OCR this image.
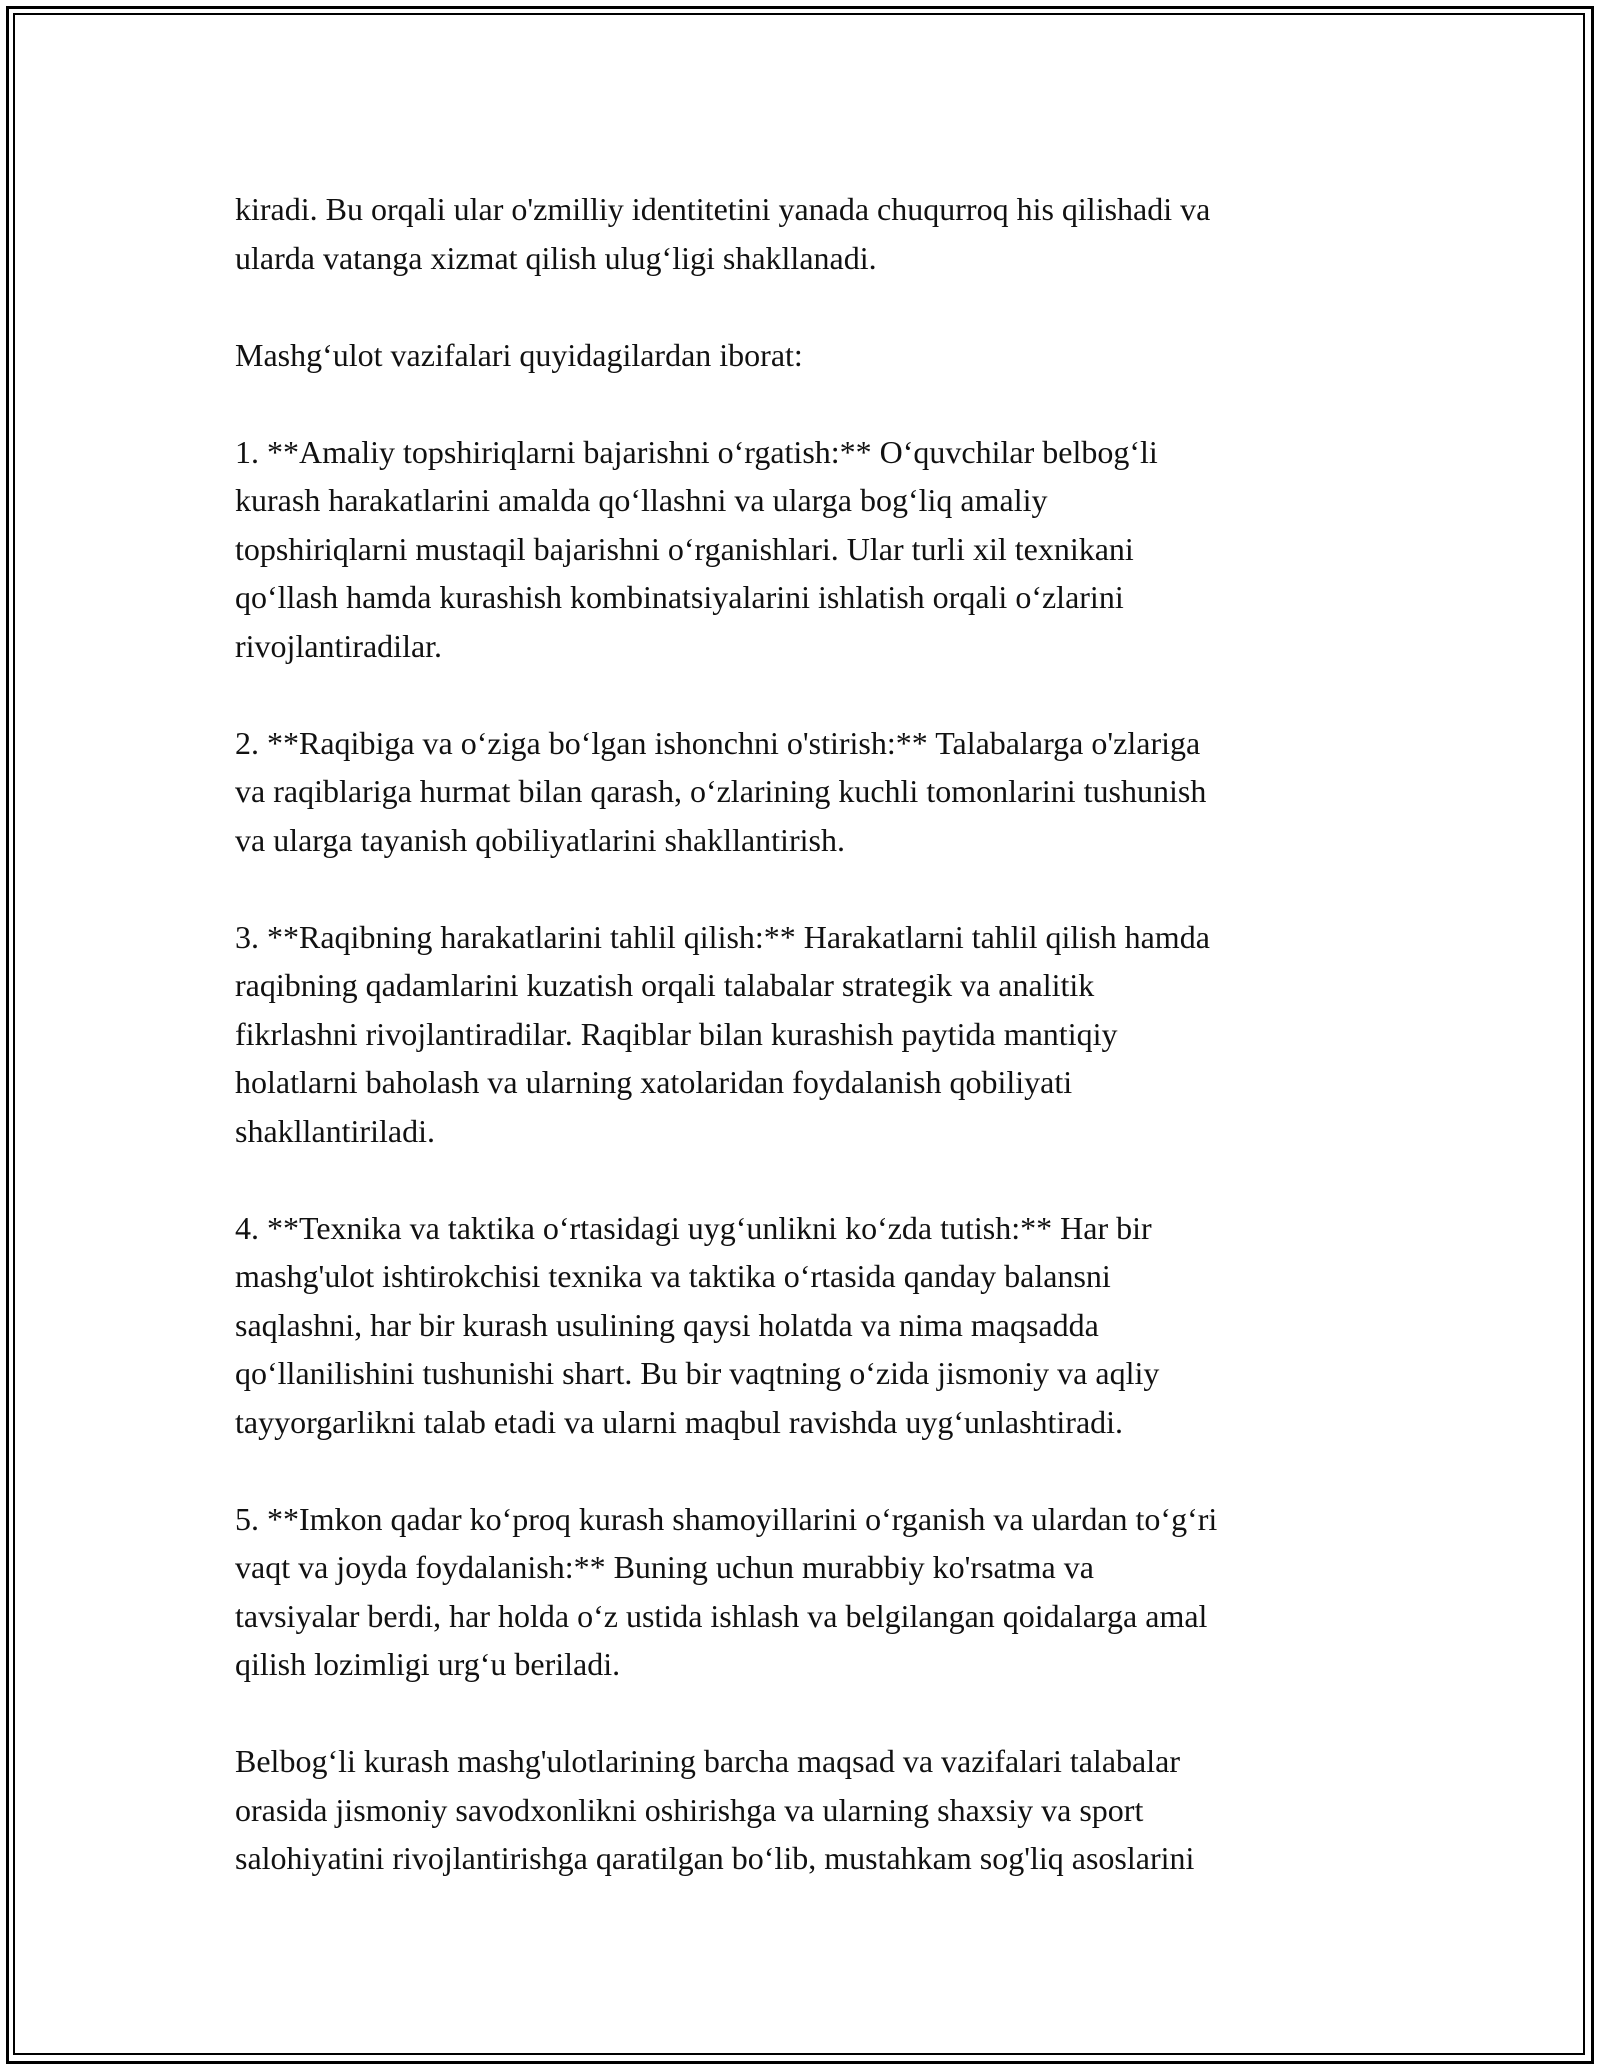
kiradi. Bu orqali ular o'zmilliy identitetini yanada chuqurroq his qilishadi va
ularda vatanga xizmat qilish ulug‘ligi shakllanadi.

Mashg‘ulot vazifalari quyidagilardan iborat:

1. **Amaliy topshiriqlarni bajarishni o‘rgatish:** O‘quvchilar belbog‘li
kurash harakatlarini amalda qo‘llashni va ularga bog‘liq amaliy
topshiriqlarni mustaqil bajarishni o‘rganishlari. Ular turli xil texnikani
qo‘llash hamda kurashish kombinatsiyalarini ishlatish orqali o‘zlarini
rivojlantiradilar.

2. **Raqibiga va o‘ziga bo‘lgan ishonchni o'stirish:** Talabalarga o'zlariga
va raqiblariga hurmat bilan qarash, o‘zlarining kuchli tomonlarini tushunish
va ularga tayanish qobiliyatlarini shakllantirish.

3. **Raqibning harakatlarini tahlil qilish:** Harakatlarni tahlil qilish hamda
raqibning qadamlarini kuzatish orqali talabalar strategik va analitik
fikrlashni rivojlantiradilar. Raqiblar bilan kurashish paytida mantiqiy
holatlarni baholash va ularning xatolaridan foydalanish qobiliyati
shakllantiriladi.

4. **Texnika va taktika o‘rtasidagi uyg‘unlikni ko‘zda tutish:** Har bir
mashg'ulot ishtirokchisi texnika va taktika o‘rtasida qanday balansni
saqlashni, har bir kurash usulining qaysi holatda va nima maqsadda
qo‘llanilishini tushunishi shart. Bu bir vaqtning o‘zida jismoniy va aqliy
tayyorgarlikni talab etadi va ularni maqbul ravishda uyg‘unlashtiradi.

5. **Imkon qadar ko‘proq kurash shamoyillarini o‘rganish va ulardan to‘g‘ri
vaqt va joyda foydalanish:** Buning uchun murabbiy ko'rsatma va
tavsiyalar berdi, har holda o‘z ustida ishlash va belgilangan qoidalarga amal
qilish lozimligi urg‘u beriladi.

Belbog‘li kurash mashg'ulotlarining barcha maqsad va vazifalari talabalar
orasida jismoniy savodxonlikni oshirishga va ularning shaxsiy va sport
salohiyatini rivojlantirishga qaratilgan bo‘lib, mustahkam sog'liq asoslarini
